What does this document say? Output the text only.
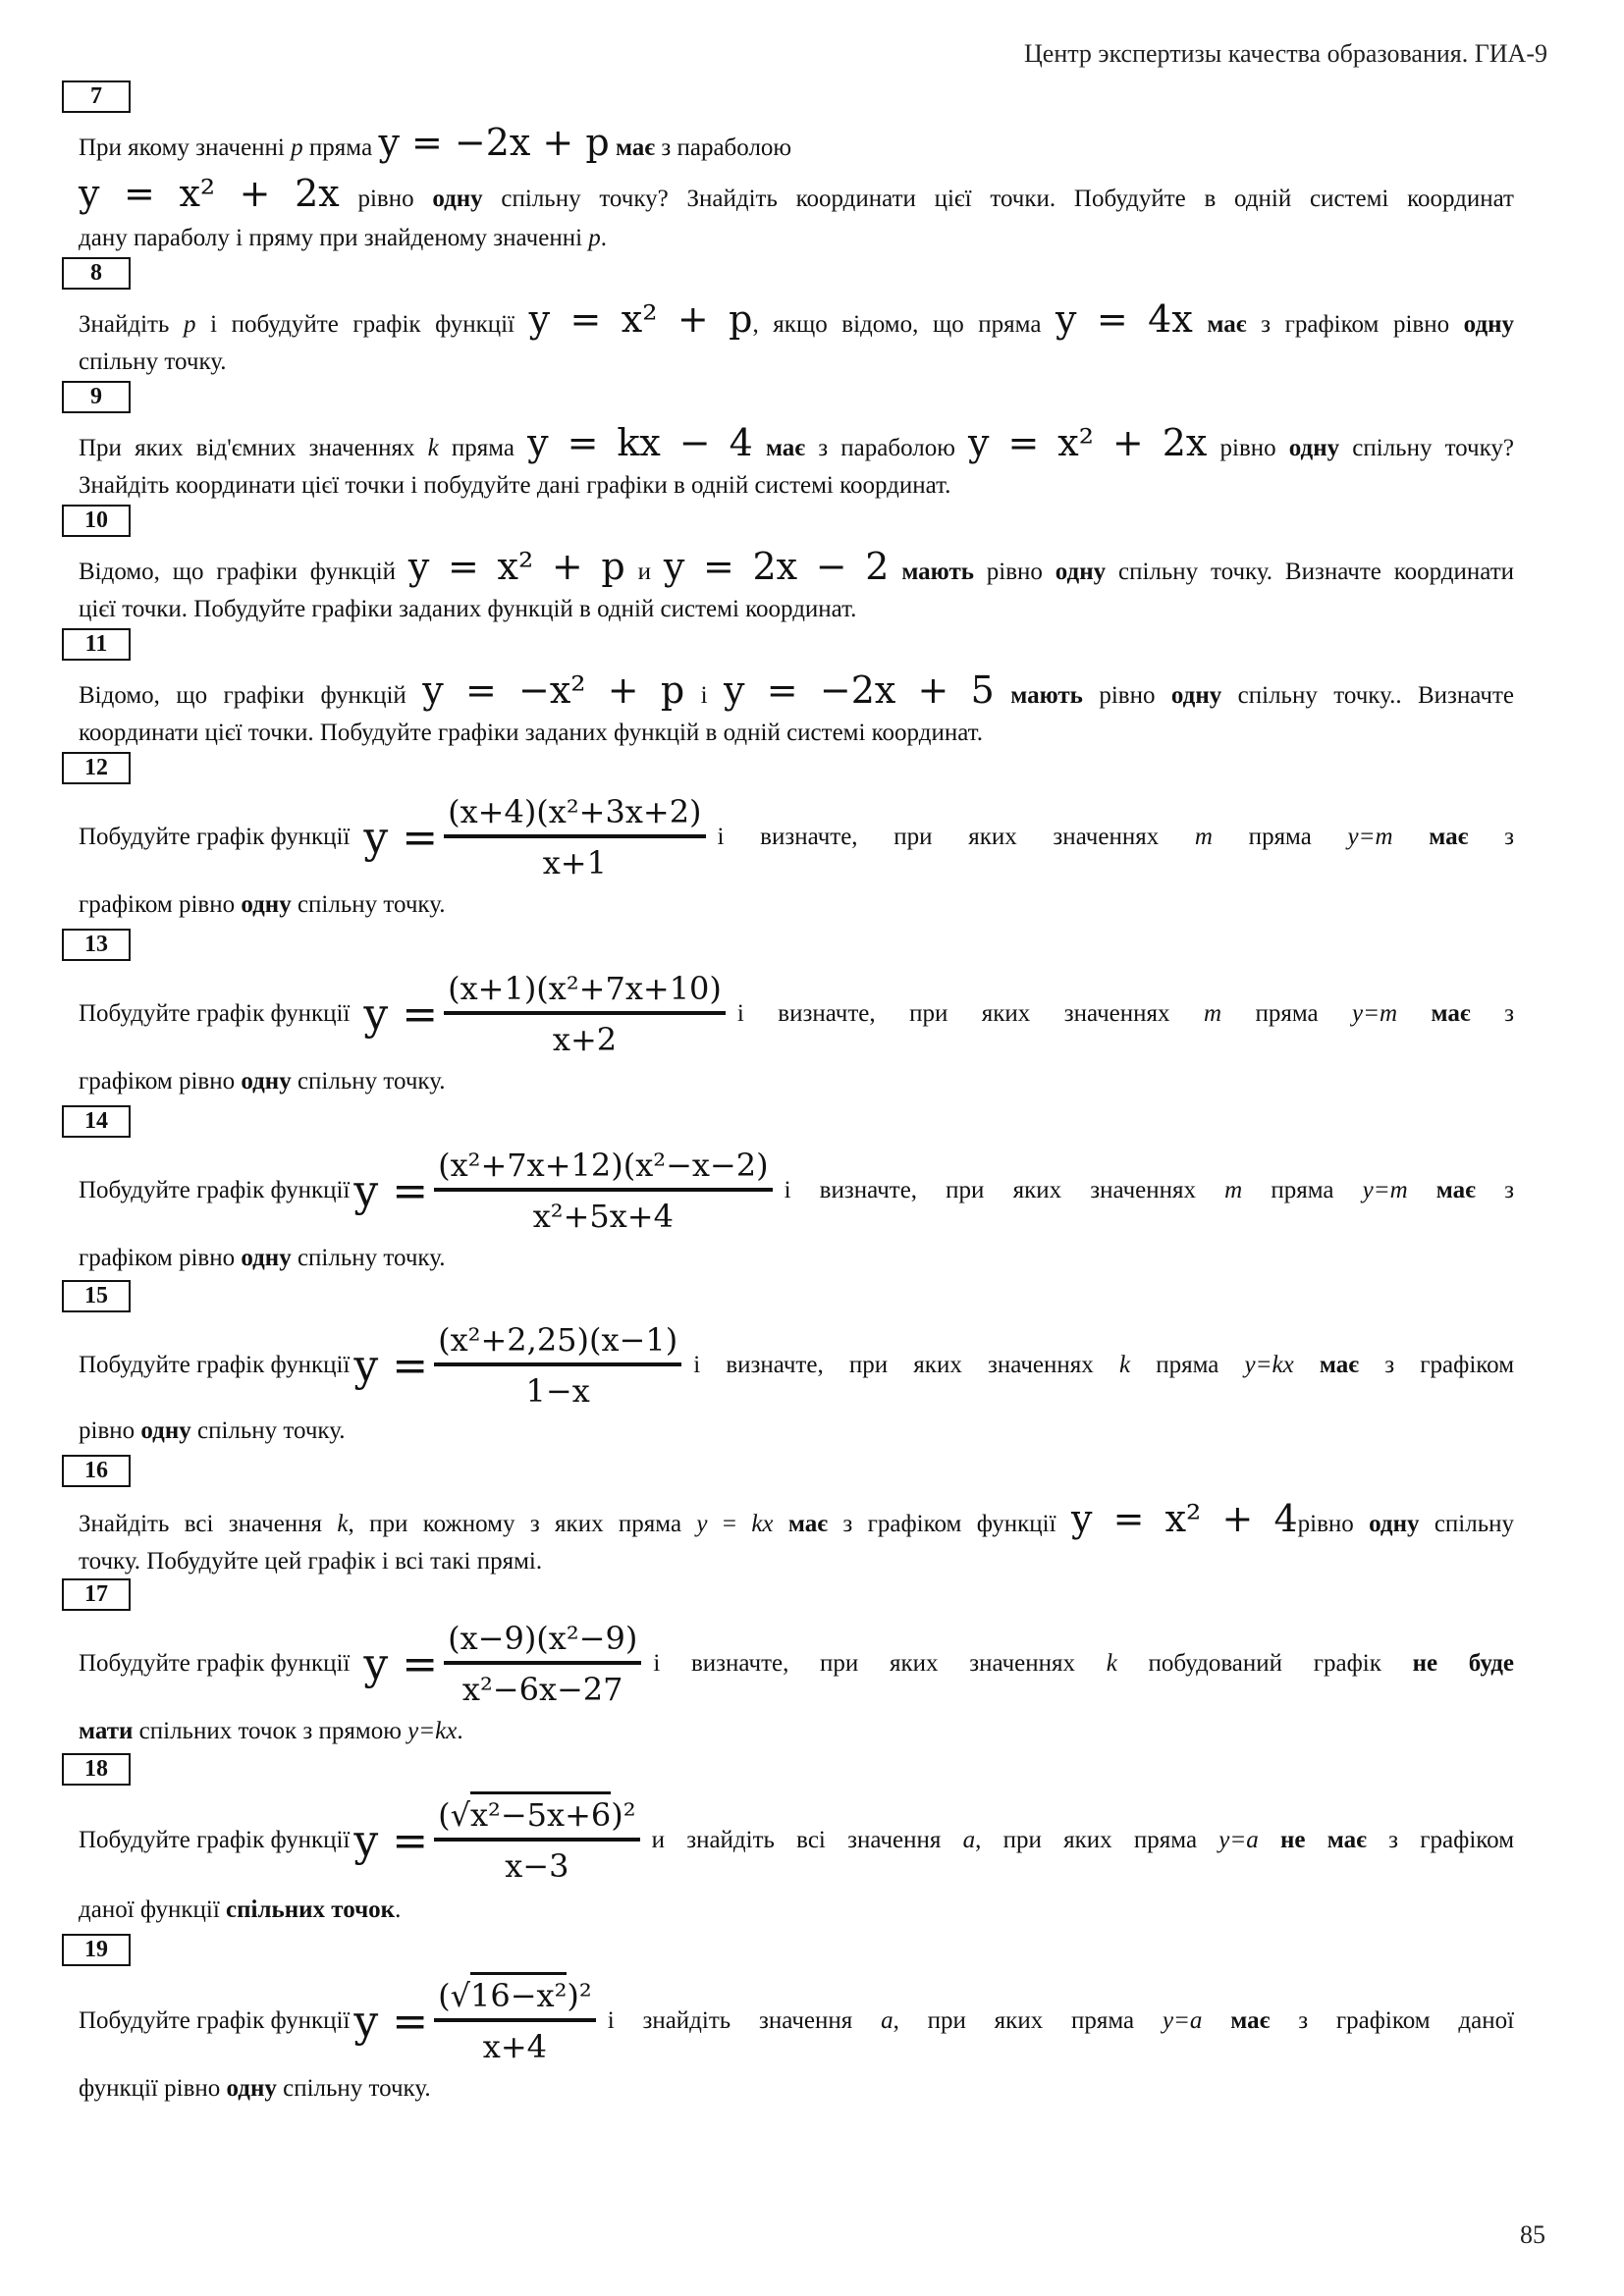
Центр экспертизы качества образования. ГИА-9
7
При якому значенні p прямa y = −2x + p має з параболою
y = x² + 2x рівно одну спільну точку? Знайдіть координати цієї точки. Побудуйте в одній системі координат
дану параболу і пряму при знайденому значенні p.
8
Знайдіть p і побудуйте графік функції y = x² + p, якщо відомо, що пряма y = 4x має з графіком рівно одну
спільну точку.
9
При яких від'ємних значеннях k пряма y = kx − 4 має з параболою y = x² + 2x рівно одну спільну точку?
Знайдіть координати цієї точки і побудуйте дані графіки в одній системі координат.
10
Відомо, що графіки функцій y = x² + p и y = 2x − 2 мають рівно одну спільну точку. Визначте координати
цієї точки. Побудуйте графіки заданих функцій в одній системі координат.
11
Відомо, що графіки функцій y = −x² + p і y = −2x + 5 мають рівно одну спільну точку.. Визначте
координати цієї точки. Побудуйте графіки заданих функцій в одній системі координат.
12
Побудуйте графік функції $y = \frac{\text{(x+4)(x²+3x+2)}}{x+1}$ і визначте, при яких значеннях m пряма y=m має з
графіком рівно одну спільну точку.
13
Побудуйте графік функції $y = \frac{\text{(x+1)(x²+7x+10)}}{x+2}$ і визначте, при яких значеннях m пряма y=m має з
графіком рівно одну спільну точку.
14
Побудуйте графік функції $y = \frac{\text{(x²+7x+12)(x²−x−2)}}{\text{x²+5x+4}}$ і визначте, при яких значеннях m пряма y=m має з
графіком рівно одну спільну точку.
15
Побудуйте графік функції $y = \frac{\text{(x²+2,25)(x−1)}}{1-x}$ і визначте, при яких значеннях k пряма y=kx має з графіком
рівно одну спільну точку.
16
Знайдіть всі значення k, при кожному з яких пряма y = kx має з графіком функції y = x² + 4рівно одну спільну
точку. Побудуйте цей графік і всі такі прямі.
17
Побудуйте графік функції $y = \frac{\text{(x−9)(x²−9)}}{\text{x²−6x−27}}$ і визначте, при яких значеннях k побудований графік не буде
мати спільних точок з прямою y=kx.
18
Побудуйте графік функції $y = \frac{\text{(√x²−5x+6)²}}{x-3}$ и знайдіть всі значення a, при яких пряма y=a не має з графіком
даної функції спільних точок.
19
Побудуйте графік функції $y = \frac{\text{(√16−x²)²}}{x+4}$ і знайдіть значення a, при яких пряма y=a має з графіком даної
функції рівно одну спільну точку.
85
